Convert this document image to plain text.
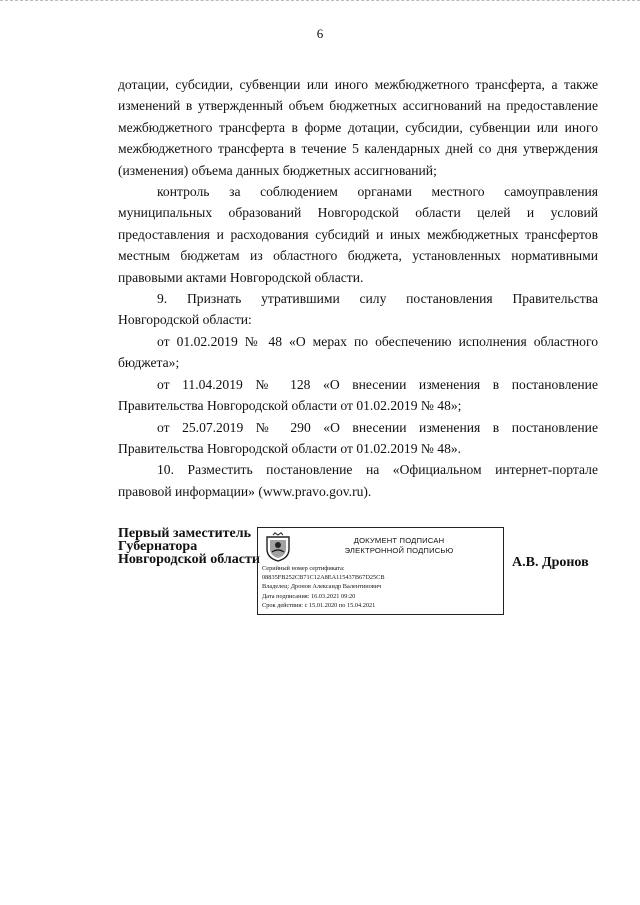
6

дотации, субсидии, субвенции или иного межбюджетного трансферта, а также изменений в утвержденный объем бюджетных ассигнований на предоставление межбюджетного трансферта в форме дотации, субсидии, субвенции или иного межбюджетного трансферта в течение 5 календарных дней со дня утверждения (изменения) объема данных бюджетных ассигнований;

контроль за соблюдением органами местного самоуправления муниципальных образований Новгородской области целей и условий предоставления и расходования субсидий и иных межбюджетных трансфертов местным бюджетам из областного бюджета, установленных нормативными правовыми актами Новгородской области.

9. Признать утратившими силу постановления Правительства Новгородской области:

от 01.02.2019 № 48 «О мерах по обеспечению исполнения областного бюджета»;

от 11.04.2019 № 128 «О внесении изменения в постановление Правительства Новгородской области от 01.02.2019 № 48»;

от 25.07.2019 № 290 «О внесении изменения в постановление Правительства Новгородской области от 01.02.2019 № 48».

10. Разместить постановление на «Официальном интернет-портале правовой информации» (www.pravo.gov.ru).

Первый заместитель
Губернатора
Новгородской области
ДОКУМЕНТ ПОДПИСАН
ЭЛЕКТРОННОЙ ПОДПИСЬЮ
Серийный номер сертификата:
08835FB252CB71C12A8EA115437B67D25CB
Владелец: Дронов Александр Валентинович
Дата подписания: 16.03.2021 09:20
Срок действия: с 15.01.2020 по 15.04.2021
А.В. Дронов
